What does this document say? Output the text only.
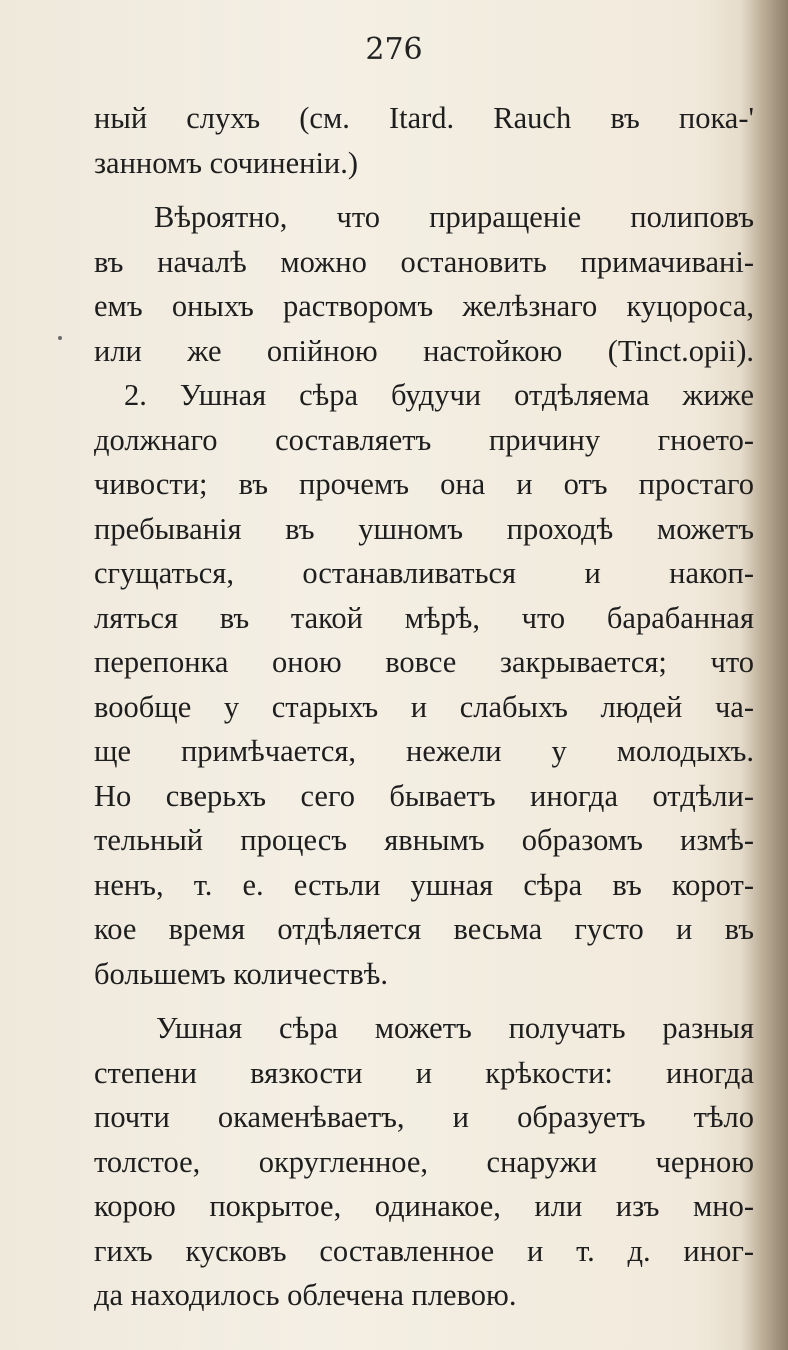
276
ный слухъ (см. Itard. Rauch въ пока-'
занномъ сочиненiи.)
Вѣроятно, что приращенiе полиповъ
въ началѣ можно остановить примачиванi-
емъ оныхъ растворомъ желѣзнаго куцороса,
или же опiйною настойкою (Tinct.opii).
2. Ушная сѣра будучи отдѣляема жиже
должнаго составляетъ причину гноето-
чивости; въ прочемъ она и отъ простаго
пребыванiя въ ушномъ проходѣ можетъ
сгущаться, останавливаться и накоп-
ляться въ такой мѣрѣ, что барабанная
перепонка оною вовсе закрывается; что
вообще у старыхъ и слабыхъ людей ча-
ще примѣчается, нежели у молодыхъ.
Но сверьхъ сего бываетъ иногда отдѣли-
тельный процесъ явнымъ образомъ измѣ-
ненъ, т. е. естьли ушная сѣра въ корот-
кое время отдѣляется весьма густо и въ
большемъ количествѣ.
Ушная сѣра можетъ получать разныя
степени вязкости и крѣкости: иногда
почти окаменѣваетъ, и образуетъ тѣло
толстое, округленное, снаружи черною
корою покрытое, одинакое, или изъ мно-
гихъ кусковъ составленное и т. д. иног-
да находилось облечена плевою.
